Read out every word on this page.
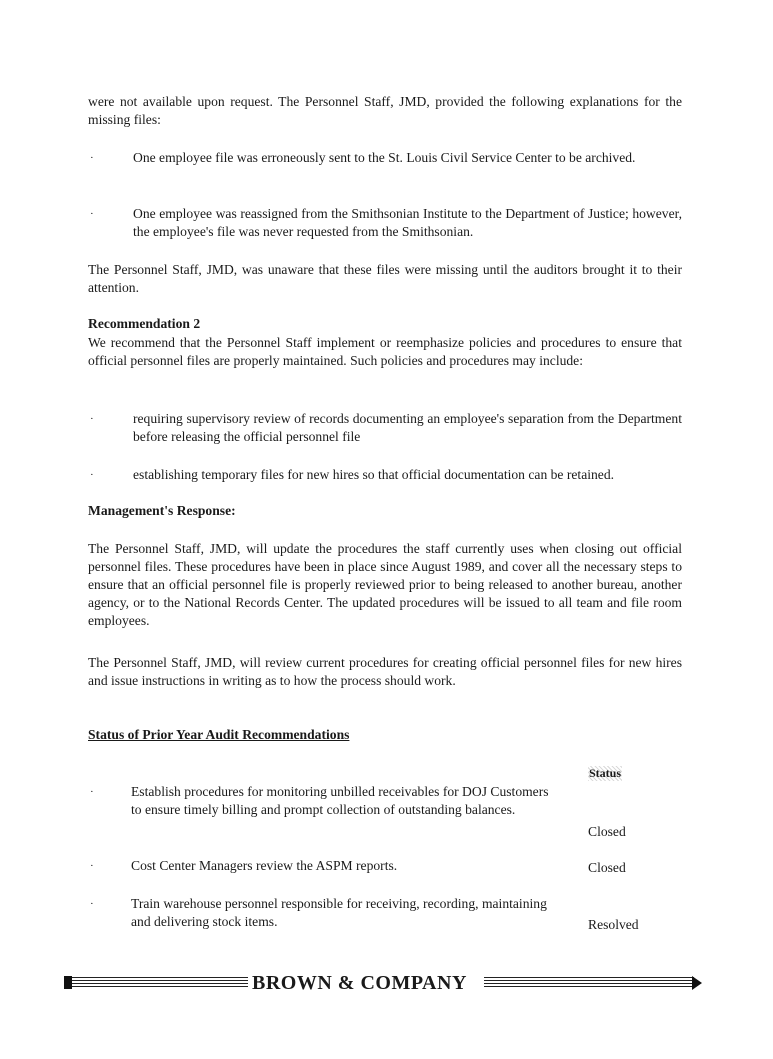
were not available upon request. The Personnel Staff, JMD, provided the following explanations for the missing files:
·	One employee file was erroneously sent to the St. Louis Civil Service Center to be archived.
·	One employee was reassigned from the Smithsonian Institute to the Department of Justice; however, the employee's file was never requested from the Smithsonian.
The Personnel Staff, JMD, was unaware that these files were missing until the auditors brought it to their attention.
Recommendation 2
We recommend that the Personnel Staff implement or reemphasize policies and procedures to ensure that official personnel files are properly maintained. Such policies and procedures may include:
·	requiring supervisory review of records documenting an employee's separation from the Department before releasing the official personnel file
·	establishing temporary files for new hires so that official documentation can be retained.
Management's Response:
The Personnel Staff, JMD, will update the procedures the staff currently uses when closing out official personnel files. These procedures have been in place since August 1989, and cover all the necessary steps to ensure that an official personnel file is properly reviewed prior to being released to another bureau, another agency, or to the National Records Center. The updated procedures will be issued to all team and file room employees.
The Personnel Staff, JMD, will review current procedures for creating official personnel files for new hires and issue instructions in writing as to how the process should work.
Status of Prior Year Audit Recommendations
Status
·	Establish procedures for monitoring unbilled receivables for DOJ Customers to ensure timely billing and prompt collection of outstanding balances.
Closed
·	Cost Center Managers review the ASPM reports.	Closed
·	Train warehouse personnel responsible for receiving, recording, maintaining and delivering stock items.	Resolved
BROWN & COMPANY
